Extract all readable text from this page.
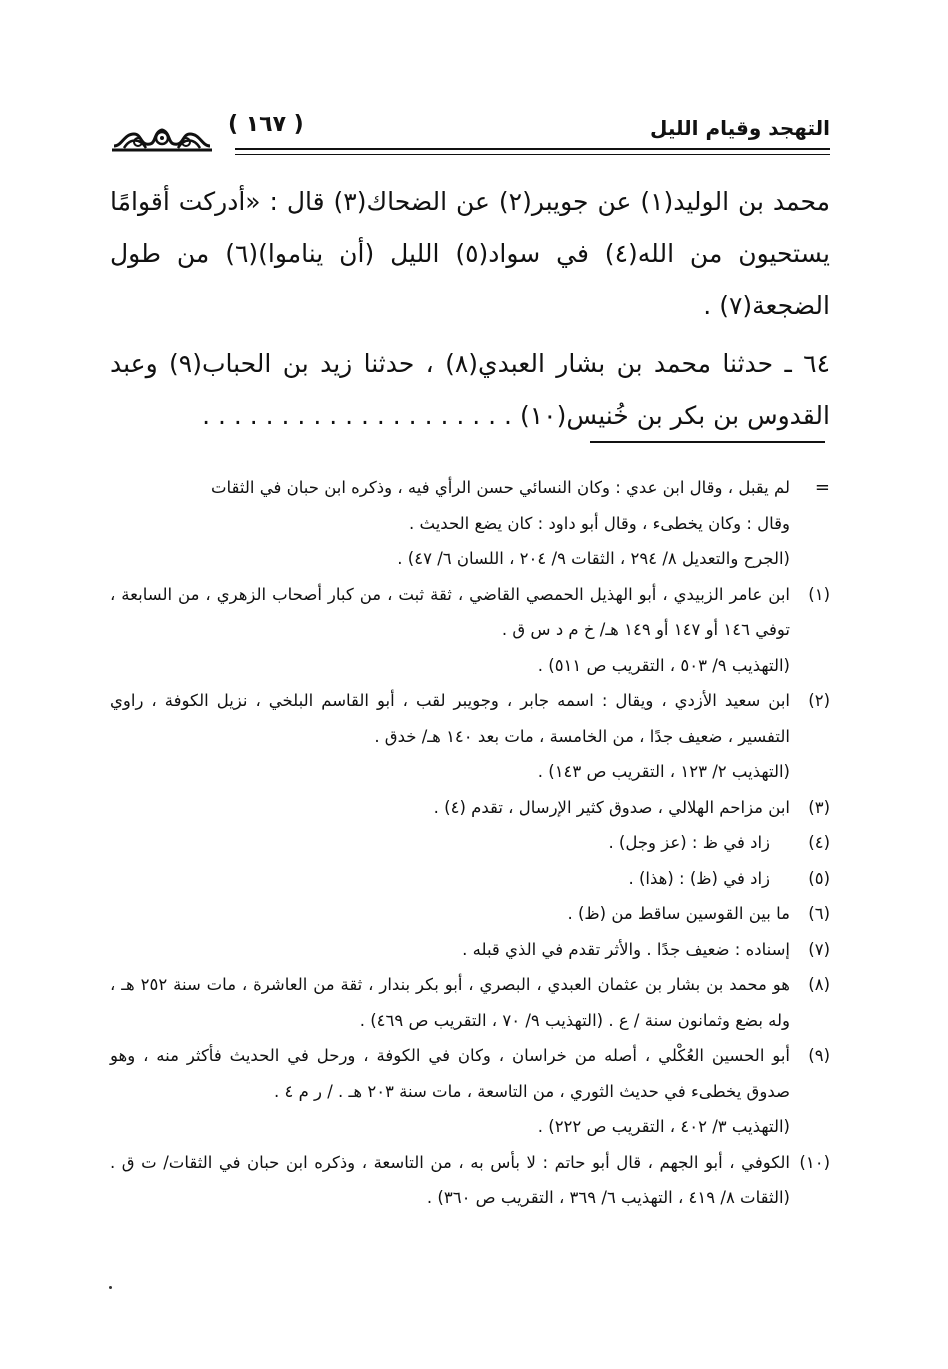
التهجد وقيام الليل
( ١٦٧ )

محمد بن الوليد(١) عن جويبر(٢) عن الضحاك(٣) قال : «أدركت أقوامًا يستحيون من الله(٤) في سواد(٥) الليل (أن يناموا)(٦) من طول الضجعة(٧) .

٦٤ ـ حدثنا محمد بن بشار العبدي(٨) ، حدثنا زيد بن الحباب(٩) وعبد القدوس بن بكر بن خُنيس(١٠) . . . . . . . . . . . . . . . . . . . .

=
لم يقبل ، وقال ابن عدي : وكان النسائي حسن الرأي فيه ، وذكره ابن حبان في الثقات
وقال : وكان يخطىء ، وقال أبو داود : كان يضع الحديث .
(الجرح والتعديل ٨/ ٢٩٤ ، الثقات ٩/ ٢٠٤ ، اللسان ٦/ ٤٧) .
(١)
ابن عامر الزبيدي ، أبو الهذيل الحمصي القاضي ، ثقة ثبت ، من كبار أصحاب الزهري ، من السابعة ، توفي ١٤٦ أو ١٤٧ أو ١٤٩ هـ/ خ م د س ق .
(التهذيب ٩/ ٥٠٣ ، التقريب ص ٥١١) .
(٢)
ابن سعيد الأزدي ، ويقال : اسمه جابر ، وجويبر لقب ، أبو القاسم البلخي ، نزيل الكوفة ، راوي التفسير ، ضعيف جدًا ، من الخامسة ، مات بعد ١٤٠ هـ/ خدق .
(التهذيب ٢/ ١٢٣ ، التقريب ص ١٤٣) .
(٣)
ابن مزاحم الهلالي ، صدوق كثير الإرسال ، تقدم (٤) .
(٤)
زاد في ظ : (عز وجل) .
(٥)
زاد في (ظ) : (هذا) .
(٦)
ما بين القوسين ساقط من (ظ) .
(٧)
إسناده : ضعيف جدًا . والأثر تقدم في الذي قبله .
(٨)
هو محمد بن بشار بن عثمان العبدي ، البصري ، أبو بكر بندار ، ثقة من العاشرة ، مات سنة ٢٥٢ هـ ، وله بضع وثمانون سنة / ع . (التهذيب ٩/ ٧٠ ، التقريب ص ٤٦٩) .
(٩)
أبو الحسين العُكْلي ، أصله من خراسان ، وكان في الكوفة ، ورحل في الحديث فأكثر منه ، وهو صدوق يخطىء في حديث الثوري ، من التاسعة ، مات سنة ٢٠٣ هـ . / ر م ٤ .
(التهذيب ٣/ ٤٠٢ ، التقريب ص ٢٢٢) .
(١٠)
الكوفي ، أبو الجهم ، قال أبو حاتم : لا بأس به ، من التاسعة ، وذكره ابن حبان في الثقات/ ت ق . (الثقات ٨/ ٤١٩ ، التهذيب ٦/ ٣٦٩ ، التقريب ص ٣٦٠) .
